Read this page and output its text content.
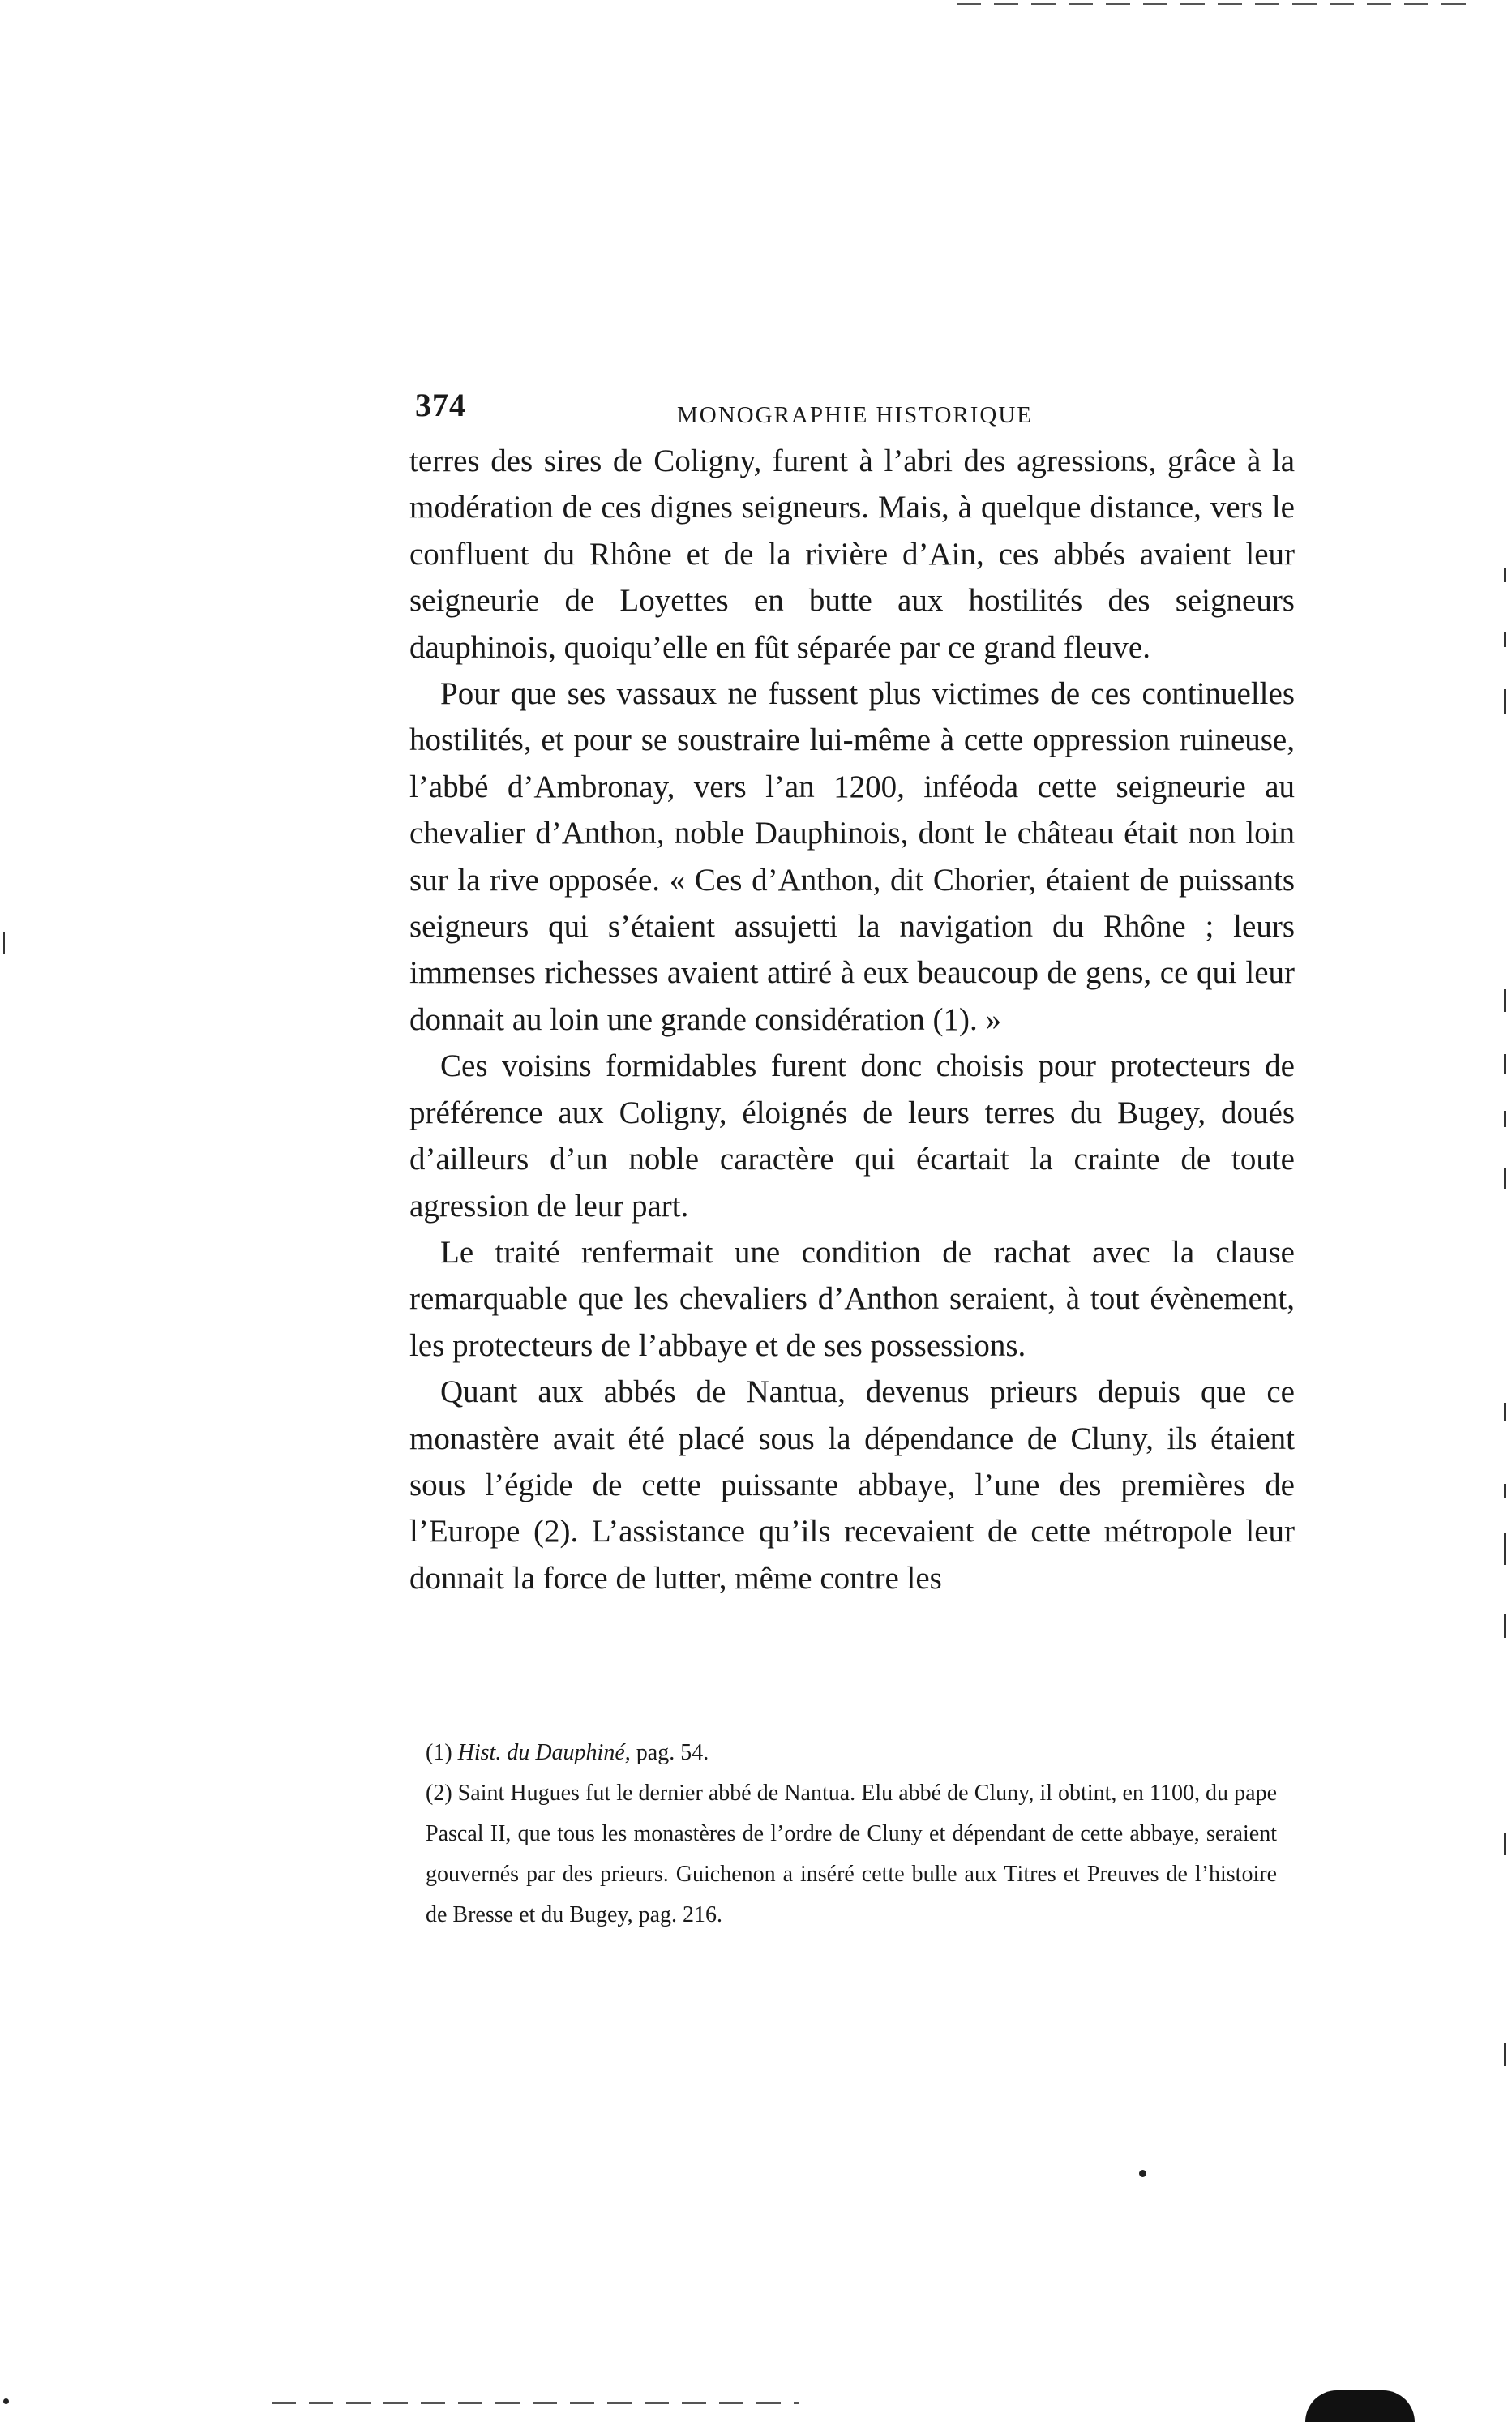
374	MONOGRAPHIE HISTORIQUE

terres des sires de Coligny, furent à l’abri des agressions, grâce à la modération de ces dignes seigneurs. Mais, à quelque distance, vers le confluent du Rhône et de la rivière d’Ain, ces abbés avaient leur seigneurie de Loyettes en butte aux hostilités des seigneurs dauphinois, quoiqu’elle en fût séparée par ce grand fleuve.

Pour que ses vassaux ne fussent plus victimes de ces continuelles hostilités, et pour se soustraire lui-même à cette oppression ruineuse, l’abbé d’Ambronay, vers l’an 1200, inféoda cette seigneurie au chevalier d’Anthon, noble Dauphinois, dont le château était non loin sur la rive opposée. « Ces d’Anthon, dit Chorier, étaient de puissants seigneurs qui s’étaient assujetti la navigation du Rhône ; leurs immenses richesses avaient attiré à eux beaucoup de gens, ce qui leur donnait au loin une grande considération (1). »

Ces voisins formidables furent donc choisis pour protecteurs de préférence aux Coligny, éloignés de leurs terres du Bugey, doués d’ailleurs d’un noble caractère qui écartait la crainte de toute agression de leur part.

Le traité renfermait une condition de rachat avec la clause remarquable que les chevaliers d’Anthon seraient, à tout évènement, les protecteurs de l’abbaye et de ses possessions.

Quant aux abbés de Nantua, devenus prieurs depuis que ce monastère avait été placé sous la dépendance de Cluny, ils étaient sous l’égide de cette puissante abbaye, l’une des premières de l’Europe (2). L’assistance qu’ils recevaient de cette métropole leur donnait la force de lutter, même contre les

(1) Hist. du Dauphiné, pag. 54.

(2) Saint Hugues fut le dernier abbé de Nantua. Elu abbé de Cluny, il obtint, en 1100, du pape Pascal II, que tous les monastères de l’ordre de Cluny et dépendant de cette abbaye, seraient gouvernés par des prieurs. Guichenon a inséré cette bulle aux Titres et Preuves de l’histoire de Bresse et du Bugey, pag. 216.
